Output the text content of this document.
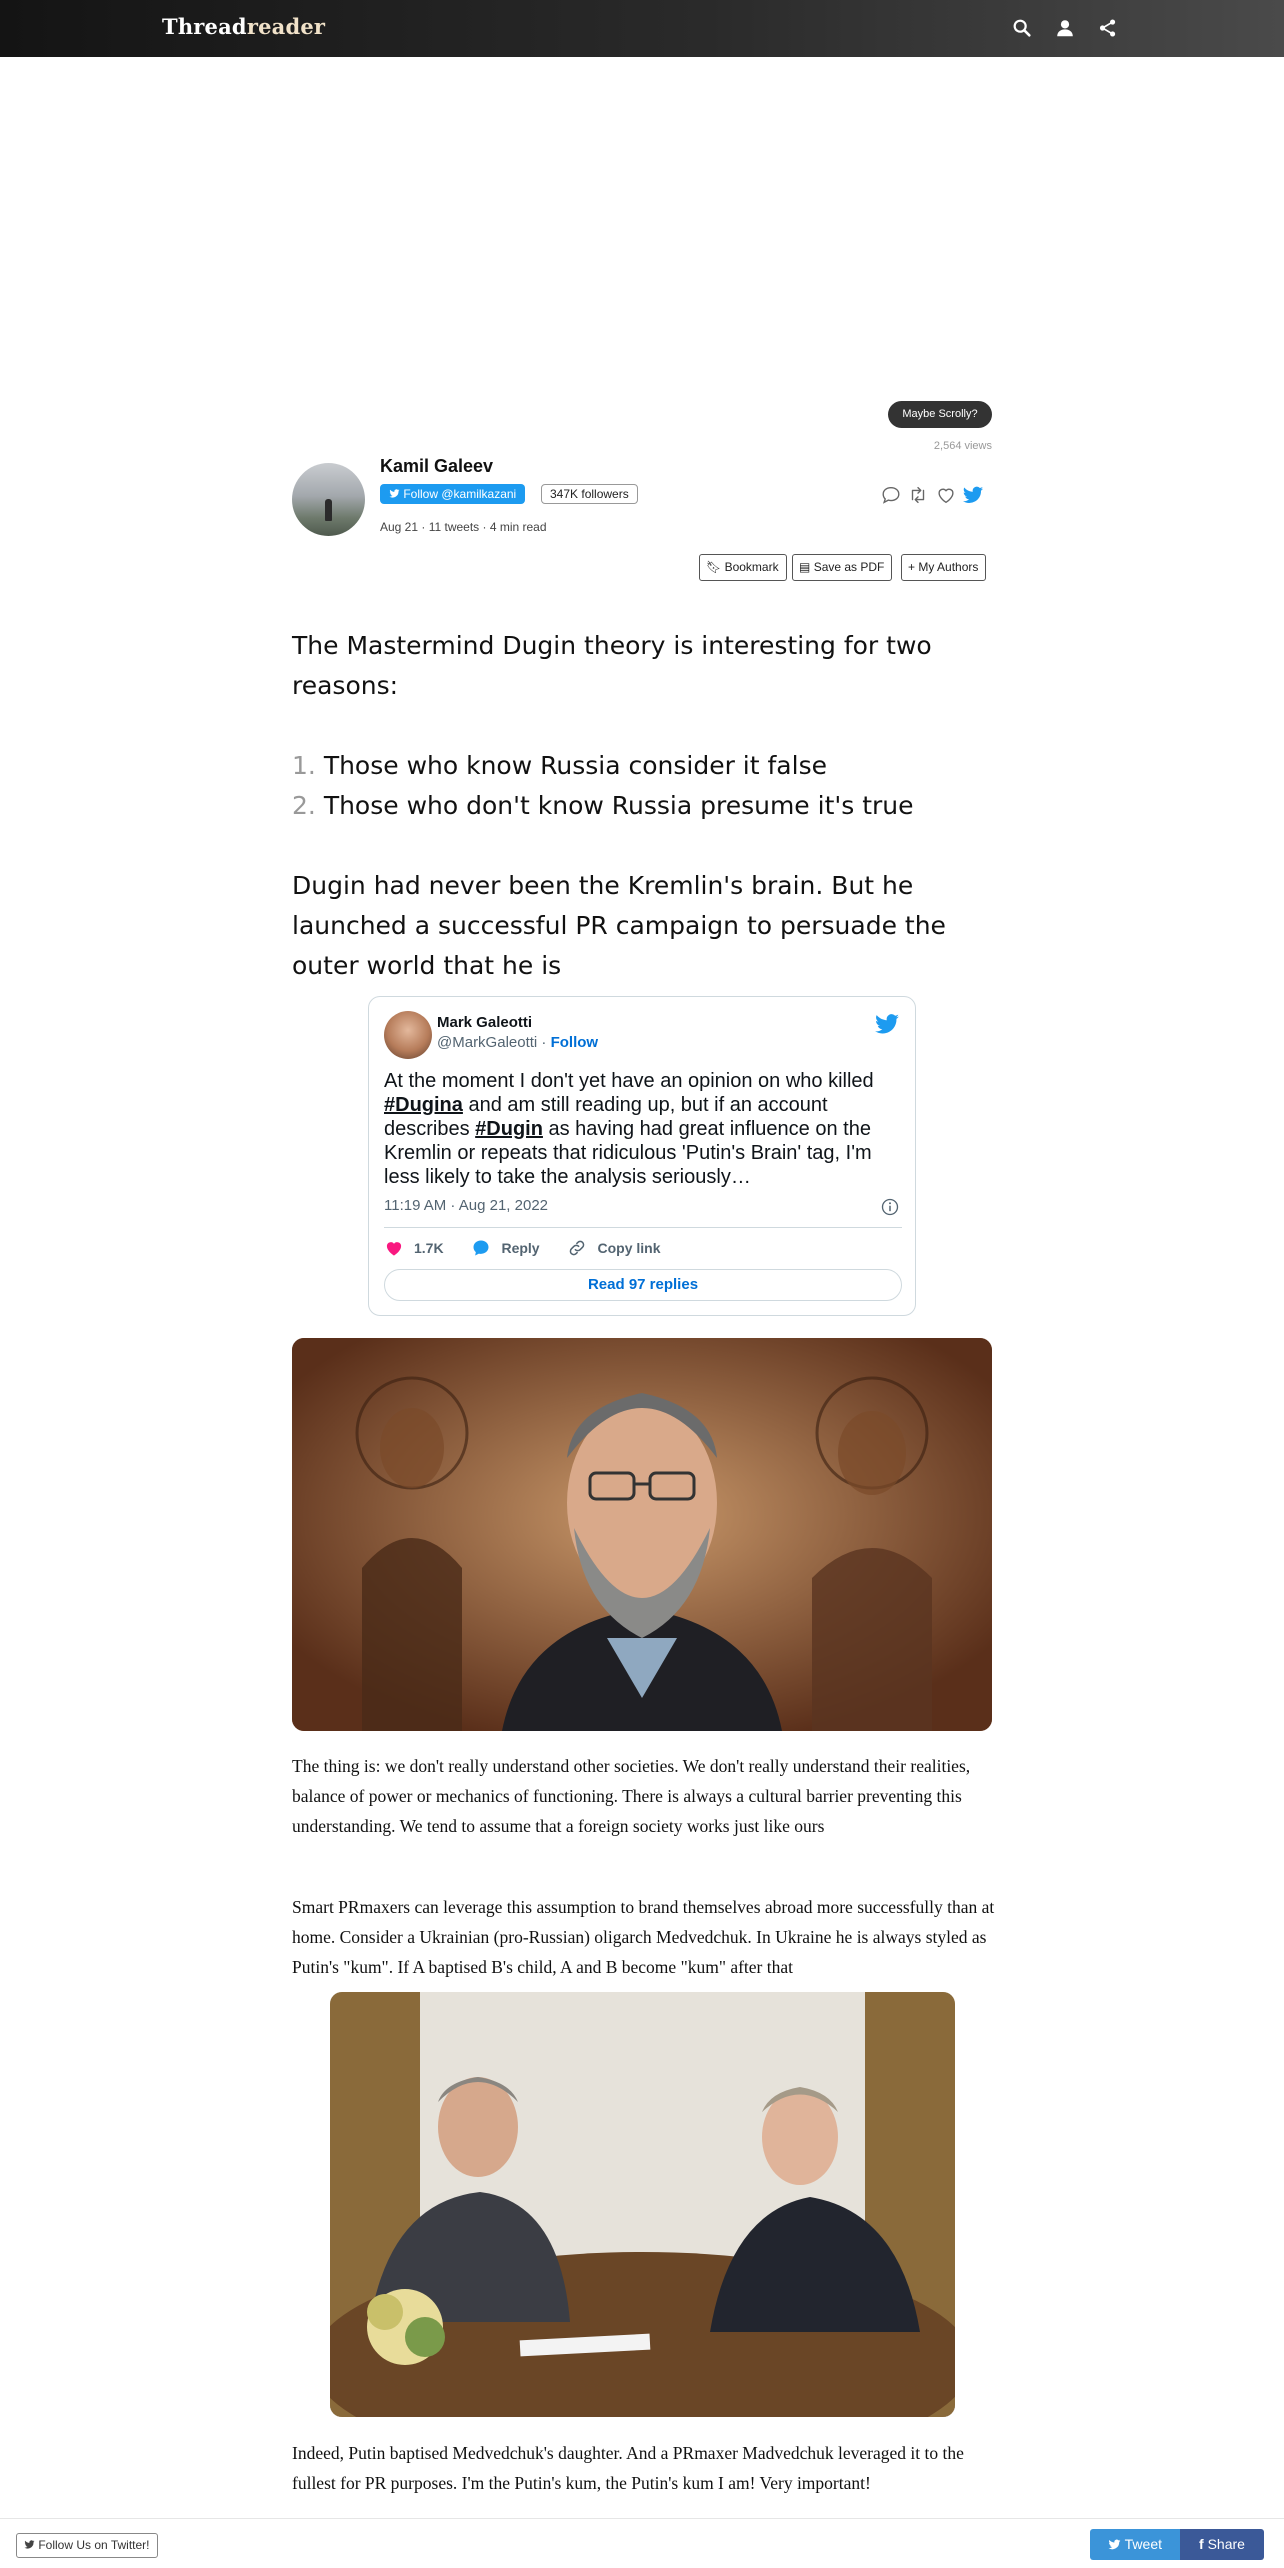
Threadreader
Maybe Scrolly?
2,564 views
Kamil Galeev
Follow @kamilkazani	347K followers
Aug 21 · 11 tweets · 4 min read

🔖︎ Bookmark	▤ Save as PDF	+ My Authors
The Mastermind Dugin theory is interesting for two reasons:
1. Those who know Russia consider it false
2. Those who don't know Russia presume it's true
Dugin had never been the Kremlin's brain. But he launched a successful PR campaign to persuade the outer world that he is
Mark Galeotti
@MarkGaleotti · Follow
At the moment I don't yet have an opinion on who killed #Dugina and am still reading up, but if an account describes #Dugin as having had great influence on the Kremlin or repeats that ridiculous 'Putin's Brain' tag, I'm less likely to take the analysis seriously…
11:19 AM · Aug 21, 2022
1.7K
	Reply
	Copy link
Read 97 replies
The thing is: we don't really understand other societies. We don't really understand their realities, balance of power or mechanics of functioning. There is always a cultural barrier preventing this understanding. We tend to assume that a foreign society works just like ours
Smart PRmaxers can leverage this assumption to brand themselves abroad more successfully than at home. Consider a Ukrainian (pro-Russian) oligarch Medvedchuk. In Ukraine he is always styled as Putin's "kum". If A baptised B's child, A and B become "kum" after that
Indeed, Putin baptised Medvedchuk's daughter. And a PRmaxer Madvedchuk leveraged it to the fullest for PR purposes. I'm the Putin's kum, the Putin's kum I am! Very important!
Follow Us on Twitter!	Tweet	f Share
